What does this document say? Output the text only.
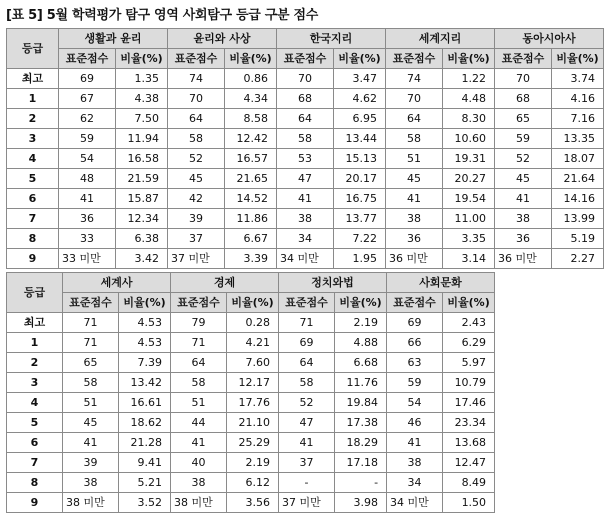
[표 5] 5월 학력평가 탐구 영역 사회탐구 등급 구분 점수
등급	생활과 윤리		윤리와 사상		한국지리		세계지리		동아시아사	
	표준점수	비율(%)	표준점수	비율(%)	표준점수	비율(%)	표준점수	비율(%)	표준점수	비율(%)
최고	69	1.35	74	0.86	70	3.47	74	1.22	70	3.74
1	67	4.38	70	4.34	68	4.62	70	4.48	68	4.16
2	62	7.50	64	8.58	64	6.95	64	8.30	65	7.16
3	59	11.94	58	12.42	58	13.44	58	10.60	59	13.35
4	54	16.58	52	16.57	53	15.13	51	19.31	52	18.07
5	48	21.59	45	21.65	47	20.17	45	20.27	45	21.64
6	41	15.87	42	14.52	41	16.75	41	19.54	41	14.16
7	36	12.34	39	11.86	38	13.77	38	11.00	38	13.99
8	33	6.38	37	6.67	34	7.22	36	3.35	36	5.19
9	33 미만	3.42	37 미만	3.39	34 미만	1.95	36 미만	3.14	36 미만	2.27
등급	세계사		경제		정치와법		사회문화	
	표준점수	비율(%)	표준점수	비율(%)	표준점수	비율(%)	표준점수	비율(%)
최고	71	4.53	79	0.28	71	2.19	69	2.43
1	71	4.53	71	4.21	69	4.88	66	6.29
2	65	7.39	64	7.60	64	6.68	63	5.97
3	58	13.42	58	12.17	58	11.76	59	10.79
4	51	16.61	51	17.76	52	19.84	54	17.46
5	45	18.62	44	21.10	47	17.38	46	23.34
6	41	21.28	41	25.29	41	18.29	41	13.68
7	39	9.41	40	2.19	37	17.18	38	12.47
8	38	5.21	38	6.12	-	-	34	8.49
9	38 미만	3.52	38 미만	3.56	37 미만	3.98	34 미만	1.50
